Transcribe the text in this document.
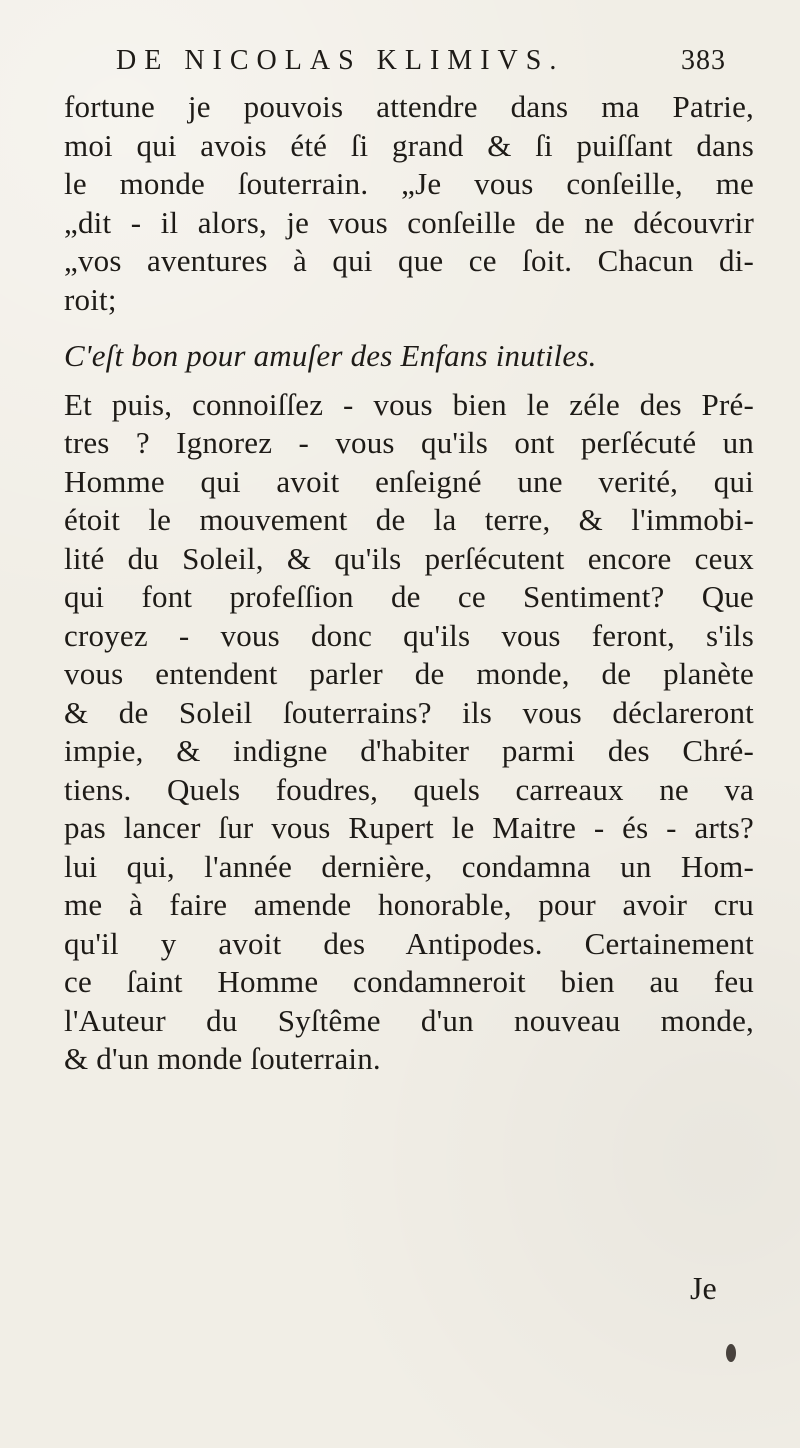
DE NICOLAS KLIMIVS.	383
fortune je pouvois attendre dans ma Patrie,
moi qui avois été ſi grand & ſi puiſſant dans
le monde ſouterrain. „Je vous conſeille, me
„dit - il alors, je vous conſeille de ne découvrir
„vos aventures à qui que ce ſoit. Chacun di-
roit;
C'eſt bon pour amuſer des Enfans inutiles.
Et puis, connoiſſez - vous bien le zéle des Pré-
tres ? Ignorez - vous qu'ils ont perſécuté un
Homme qui avoit enſeigné une verité, qui
étoit le mouvement de la terre, & l'immobi-
lité du Soleil, & qu'ils perſécutent encore ceux
qui font profeſſion de ce Sentiment? Que
croyez - vous donc qu'ils vous feront, s'ils
vous entendent parler de monde, de planète
& de Soleil ſouterrains? ils vous déclareront
impie, & indigne d'habiter parmi des Chré-
tiens. Quels foudres, quels carreaux ne va
pas lancer ſur vous Rupert le Maitre - és - arts?
lui qui, l'année dernière, condamna un Hom-
me à faire amende honorable, pour avoir cru
qu'il y avoit des Antipodes. Certainement
ce ſaint Homme condamneroit bien au feu
l'Auteur du Syſtême d'un nouveau monde,
& d'un monde ſouterrain.
Je
